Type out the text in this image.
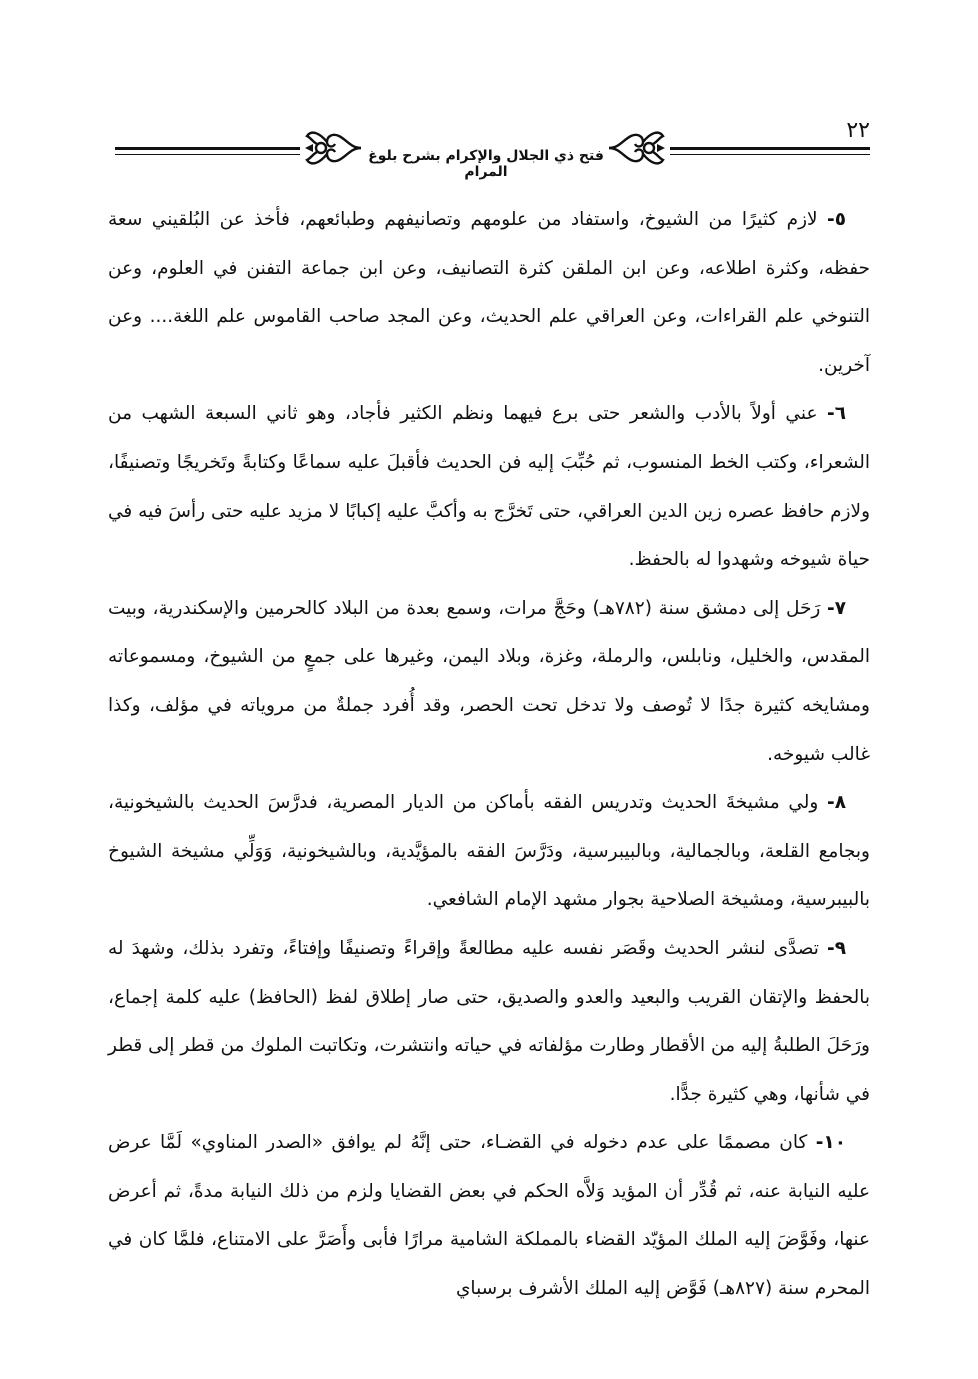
فتح ذي الجلال والإكرام بشرح بلوغ المرام
٢٢

٥- لازم كثيرًا من الشيوخ، واستفاد من علومهم وتصانيفهم وطبائعهم، فأخذ عن البُلقيني سعة حفظه، وكثرة اطلاعه، وعن ابن الملقن كثرة التصانيف، وعن ابن جماعة التفنن في العلوم، وعن التنوخي علم القراءات، وعن العراقي علم الحديث، وعن المجد صاحب القاموس علم اللغة.... وعن آخرين.

٦- عني أولاً بالأدب والشعر حتى برع فيهما ونظم الكثير فأجاد، وهو ثاني السبعة الشهب من الشعراء، وكتب الخط المنسوب، ثم حُبِّبَ إليه فن الحديث فأقبلَ عليه سماعًا وكتابةً وتَخريجًا وتصنيفًا، ولازم حافظ عصره زين الدين العراقي، حتى تَخرَّج به وأكبَّ عليه إكبابًا لا مزيد عليه حتى رأسَ فيه في حياة شيوخه وشهدوا له بالحفظ.

٧- رَحَل إلى دمشق سنة (٧٨٢هـ) وحَجَّ مرات، وسمع بعدة من البلاد كالحرمين والإسكندرية، وبيت المقدس، والخليل، ونابلس، والرملة، وغزة، وبلاد اليمن، وغيرها على جمعٍ من الشيوخ، ومسموعاته ومشايخه كثيرة جدًا لا تُوصف ولا تدخل تحت الحصر، وقد أُفرد جملةٌ من مروياته في مؤلف، وكذا غالب شيوخه.

٨- ولي مشيخةَ الحديث وتدريس الفقه بأماكن من الديار المصرية، فدرَّسَ الحديث بالشيخونية، وبجامع القلعة، وبالجمالية، وبالبيبرسية، ودَرَّسَ الفقه بالمؤيَّدية، وبالشيخونية، وَوَلِّي مشيخة الشيوخ بالبيبرسية، ومشيخة الصلاحية بجوار مشهد الإمام الشافعي.

٩- تصدَّى لنشر الحديث وقَصَر نفسه عليه مطالعةً وإقراءً وتصنيفًا وإفتاءً، وتفرد بذلك، وشهدَ له بالحفظ والإتقان القريب والبعيد والعدو والصديق، حتى صار إطلاق لفظ (الحافظ) عليه كلمة إجماع، ورَحَلَ الطلبةُ إليه من الأقطار وطارت مؤلفاته في حياته وانتشرت، وتكاتبت الملوك من قطر إلى قطر في شأنها، وهي كثيرة جدًّا.

١٠- كان مصممًا على عدم دخوله في القضـاء، حتى إنَّهُ لم يوافق «الصدر المناوي» لَمَّا عرض عليه النيابة عنه، ثم قُدِّر أن المؤيد وَلاَّه الحكم في بعض القضايا ولزم من ذلك النيابة مدةً، ثم أعرض عنها، وفَوَّضَ إليه الملك المؤيّد القضاء بالمملكة الشامية مرارًا فأبى وأَصَرَّ على الامتناع، فلمَّا كان في المحرم سنة (٨٢٧هـ) فَوَّض إليه الملك الأشرف برسباي
